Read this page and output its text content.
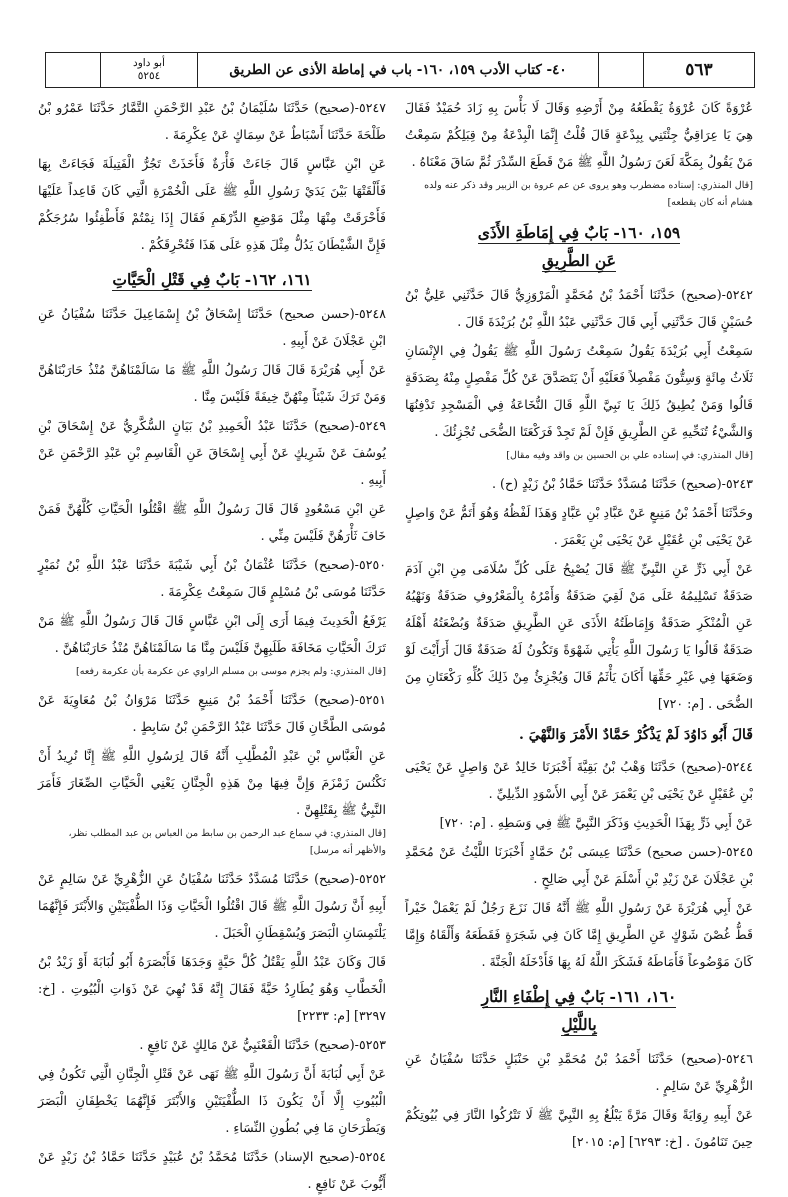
٥٦٣
٤٠- كتاب الأدب ١٥٩، ١٦٠- باب في إماطة الأذى عن الطريق
أبو داود
٥٢٥٤

عُرْوَةً كَانَ عُرْوَةُ يَقْطَعُهُ مِنْ أَرْضِهِ وَقَالَ لَا بَأْسَ بِهِ زَادَ حُمَيْدٌ فَقَالَ هِيَ يَا عِرَاقِيُّ جِئْتَنِي بِبِدْعَةٍ قَالَ قُلْتُ إِنَّمَا الْبِدْعَةُ مِنْ قِبَلِكُمْ سَمِعْتُ مَنْ يَقُولُ بِمَكَّةَ لَعَنَ رَسُولُ اللَّهِ ﷺ مَنْ قَطَعَ السِّدْرَ ثُمَّ سَاقَ مَعْنَاهُ .

[قال المنذري: إسناده مضطرب وهو يروى عن عم عروة بن الزبير وقد ذكر عنه ولده هشام أنه كان يقطعه]

١٥٩، ١٦٠- بَابٌ فِي إِمَاطَةِ الأَذَى
عَنِ الطَّرِيقِ

٥٢٤٢-(صحيح) حَدَّثَنَا أَحْمَدُ بْنُ مُحَمَّدٍ الْمَرْوَزِيُّ قَالَ حَدَّثَنِي عَلِيُّ بْنُ حُسَيْنٍ قَالَ حَدَّثَنِي أَبِي قَالَ حَدَّثَنِي عَبْدُ اللَّهِ بْنُ بُرَيْدَةَ قَالَ .

سَمِعْتُ أَبِي بُرَيْدَةَ يَقُولُ سَمِعْتُ رَسُولَ اللَّهِ ﷺ يَقُولُ فِي الإِنْسَانِ ثَلَاثُ مِائَةٍ وَسِتُّونَ مَفْصِلاً فَعَلَيْهِ أَنْ يَتَصَدَّقَ عَنْ كُلِّ مَفْصِلٍ مِنْهُ بِصَدَقَةٍ قَالُوا وَمَنْ يُطِيقُ ذَلِكَ يَا نَبِيَّ اللَّهِ قَالَ النُّخَاعَةُ فِي الْمَسْجِدِ تَدْفِنُهَا وَالشَّيْءُ تُنَحِّيهِ عَنِ الطَّرِيقِ فَإِنْ لَمْ تَجِدْ فَرَكْعَتَا الضُّحَى تُجْزِئُكَ .

[قال المنذري: في إسناده علي بن الحسين بن واقد وفيه مقال]

٥٢٤٣-(صحيح) حَدَّثَنَا مُسَدَّدٌ حَدَّثَنَا حَمَّادُ بْنُ زَيْدٍ (ح) .

وحَدَّثَنَا أَحْمَدُ بْنُ مَنِيعٍ عَنْ عَبَّادِ بْنِ عَبَّادٍ وَهَذَا لَفْظُهُ وَهُوَ أَتَمُّ عَنْ وَاصِلٍ عَنْ يَحْيَى بْنِ عُقَيْلٍ عَنْ يَحْيَى بْنِ يَعْمَرَ .

عَنْ أَبِي ذَرٍّ عَنِ النَّبِيِّ ﷺ قَالَ يُصْبِحُ عَلَى كُلِّ سُلَامَى مِنِ ابْنِ آدَمَ صَدَقَةٌ تَسْلِيمُهُ عَلَى مَنْ لَقِيَ صَدَقَةٌ وَأَمْرُهُ بِالْمَعْرُوفِ صَدَقَةٌ وَنَهْيُهُ عَنِ الْمُنْكَرِ صَدَقَةٌ وَإِمَاطَتُهُ الأَذَى عَنِ الطَّرِيقِ صَدَقَةٌ وَبُضْعَتُهُ أَهْلَهُ صَدَقَةٌ قَالُوا يَا رَسُولَ اللَّهِ يَأْتِي شَهْوَةً وَتَكُونُ لَهُ صَدَقَةٌ قَالَ أَرَأَيْتَ لَوْ وَضَعَهَا فِي غَيْرِ حَقِّهَا أَكَانَ يَأْثَمُ قَالَ وَيُجْزِئُ مِنْ ذَلِكَ كُلِّهِ رَكْعَتَانِ مِنَ الضُّحَى . [م: ٧٢٠]

قَالَ أَبُو دَاوُدَ لَمْ يَذْكُرْ حَمَّادٌ الأَمْرَ وَالنَّهْيَ .

٥٢٤٤-(صحيح) حَدَّثَنَا وَهْبُ بْنُ بَقِيَّةَ أَخْبَرَنَا خَالِدٌ عَنْ وَاصِلٍ عَنْ يَحْيَى بْنِ عُقَيْلٍ عَنْ يَحْيَى بْنِ يَعْمَرَ عَنْ أَبِي الأَسْوَدِ الدِّيلِيِّ .

عَنْ أَبِي ذَرٍّ بِهَذَا الْحَدِيثِ وَذَكَرَ النَّبِيَّ ﷺ فِي وَسَطِهِ . [م: ٧٢٠]

٥٢٤٥-(حسن صحيح) حَدَّثَنَا عِيسَى بْنُ حَمَّادٍ أَخْبَرَنَا اللَّيْثُ عَنْ مُحَمَّدِ بْنِ عَجْلَانَ عَنْ زَيْدِ بْنِ أَسْلَمَ عَنْ أَبِي صَالِحٍ .

عَنْ أَبِي هُرَيْرَةَ عَنْ رَسُولِ اللَّهِ ﷺ أَنَّهُ قَالَ نَزَعَ رَجُلٌ لَمْ يَعْمَلْ خَيْراً قَطُّ غُصْنَ شَوْكٍ عَنِ الطَّرِيقِ إِمَّا كَانَ فِي شَجَرَةٍ فَقَطَعَهُ وَأَلْقَاهُ وَإِمَّا كَانَ مَوْضُوعاً فَأَمَاطَهُ فَشَكَرَ اللَّهُ لَهُ بِهَا فَأَدْخَلَهُ الْجَنَّةَ .

١٦٠، ١٦١- بَابٌ فِي إِطْفَاءِ النَّارِ
بِاللَّيْلِ

٥٢٤٦-(صحيح) حَدَّثَنَا أَحْمَدُ بْنُ مُحَمَّدِ بْنِ حَنْبَلٍ حَدَّثَنَا سُفْيَانُ عَنِ الزُّهْرِيِّ عَنْ سَالِمٍ .

عَنْ أَبِيهِ رِوَايَةً وَقَالَ مَرَّةً يَبْلُغُ بِهِ النَّبِيَّ ﷺ لَا تَتْرُكُوا النَّارَ فِي بُيُوتِكُمْ حِينَ تَنَامُونَ . [خ: ٦٢٩٣] [م: ٢٠١٥]

٥٢٤٧-(صحيح) حَدَّثَنَا سُلَيْمَانُ بْنُ عَبْدِ الرَّحْمَنِ التَّمَّارُ حَدَّثَنَا عَمْرُو بْنُ طَلْحَةَ حَدَّثَنَا أَسْبَاطٌ عَنْ سِمَاكٍ عَنْ عِكْرِمَةَ .

عَنِ ابْنِ عَبَّاسٍ قَالَ جَاءَتْ فَأْرَةٌ فَأَخَذَتْ تَجُرُّ الْفَتِيلَةَ فَجَاءَتْ بِهَا فَأَلْقَتْهَا بَيْنَ يَدَيْ رَسُولِ اللَّهِ ﷺ عَلَى الْخُمْرَةِ الَّتِي كَانَ قَاعِداً عَلَيْهَا فَأَحْرَقَتْ مِنْهَا مِثْلَ مَوْضِعِ الدِّرْهَمِ فَقَالَ إِذَا نِمْتُمْ فَأَطْفِئُوا سُرُجَكُمْ فَإِنَّ الشَّيْطَانَ يَدُلُّ مِثْلَ هَذِهِ عَلَى هَذَا فَتُحْرِقَكُمْ .

١٦١، ١٦٢- بَابٌ فِي قَتْلِ الْحَيَّاتِ

٥٢٤٨-(حسن صحيح) حَدَّثَنَا إِسْحَاقُ بْنُ إِسْمَاعِيلَ حَدَّثَنَا سُفْيَانُ عَنِ ابْنِ عَجْلَانَ عَنْ أَبِيهِ .

عَنْ أَبِي هُرَيْرَةَ قَالَ قَالَ رَسُولُ اللَّهِ ﷺ مَا سَالَمْنَاهُنَّ مُنْذُ حَارَبْنَاهُنَّ وَمَنْ تَرَكَ شَيْئاً مِنْهُنَّ خِيفَةً فَلَيْسَ مِنَّا .

٥٢٤٩-(صحيح) حَدَّثَنَا عَبْدُ الْحَمِيدِ بْنُ بَيَانٍ السُّكَّرِيُّ عَنْ إِسْحَاقَ بْنِ يُوسُفَ عَنْ شَرِيكٍ عَنْ أَبِي إِسْحَاقَ عَنِ الْقَاسِمِ بْنِ عَبْدِ الرَّحْمَنِ عَنْ أَبِيهِ .

عَنِ ابْنِ مَسْعُودٍ قَالَ قَالَ رَسُولُ اللَّهِ ﷺ اقْتُلُوا الْحَيَّاتِ كُلَّهُنَّ فَمَنْ خَافَ ثَأْرَهُنَّ فَلَيْسَ مِنِّي .

٥٢٥٠-(صحيح) حَدَّثَنَا عُثْمَانُ بْنُ أَبِي شَيْبَةَ حَدَّثَنَا عَبْدُ اللَّهِ بْنُ نُمَيْرٍ حَدَّثَنَا مُوسَى بْنُ مُسْلِمٍ قَالَ سَمِعْتُ عِكْرِمَةَ .

يَرْفَعُ الْحَدِيثَ فِيمَا أَرَى إِلَى ابْنِ عَبَّاسٍ قَالَ قَالَ رَسُولُ اللَّهِ ﷺ مَنْ تَرَكَ الْحَيَّاتِ مَخَافَةَ طَلَبِهِنَّ فَلَيْسَ مِنَّا مَا سَالَمْنَاهُنَّ مُنْذُ حَارَبْنَاهُنَّ .

[قال المنذري: ولم يجزم موسى بن مسلم الراوي عن عكرمة بأن عكرمة رفعه]

٥٢٥١-(صحيح) حَدَّثَنَا أَحْمَدُ بْنُ مَنِيعٍ حَدَّثَنَا مَرْوَانُ بْنُ مُعَاوِيَةَ عَنْ مُوسَى الطَّحَّانِ قَالَ حَدَّثَنَا عَبْدُ الرَّحْمَنِ بْنُ سَابِطٍ .

عَنِ الْعَبَّاسِ بْنِ عَبْدِ الْمُطَّلِبِ أَنَّهُ قَالَ لِرَسُولِ اللَّهِ ﷺ إِنَّا نُرِيدُ أَنْ نَكْنُسَ زَمْزَمَ وَإِنَّ فِيهَا مِنْ هَذِهِ الْجِنَّانِ يَعْنِي الْحَيَّاتِ الصِّغَارَ فَأَمَرَ النَّبِيُّ ﷺ بِقَتْلِهِنَّ .

[قال المنذري: في سماع عبد الرحمن بن سابط من العباس بن عبد المطلب نظر، والأظهر أنه مرسل]

٥٢٥٢-(صحيح) حَدَّثَنَا مُسَدَّدٌ حَدَّثَنَا سُفْيَانُ عَنِ الزُّهْرِيِّ عَنْ سَالِمٍ عَنْ أَبِيهِ أَنَّ رَسُولَ اللَّهِ ﷺ قَالَ اقْتُلُوا الْحَيَّاتِ وَذَا الطُّفْيَتَيْنِ وَالأَبْتَرَ فَإِنَّهُمَا يَلْتَمِسَانِ الْبَصَرَ وَيُسْقِطَانِ الْحَبَلَ .

قَالَ وَكَانَ عَبْدُ اللَّهِ يَقْتُلُ كُلَّ حَيَّةٍ وَجَدَهَا فَأَبْصَرَهُ أَبُو لُبَابَةَ أَوْ زَيْدُ بْنُ الْخَطَّابِ وَهُوَ يُطَارِدُ حَيَّةً فَقَالَ إِنَّهُ قَدْ نُهِيَ عَنْ ذَوَاتِ الْبُيُوتِ . [خ: ٣٢٩٧] [م: ٢٢٣٣]

٥٢٥٣-(صحيح) حَدَّثَنَا الْقَعْنَبِيُّ عَنْ مَالِكٍ عَنْ نَافِعٍ .

عَنْ أَبِي لُبَابَةَ أَنَّ رَسُولَ اللَّهِ ﷺ نَهَى عَنْ قَتْلِ الْجِنَّانِ الَّتِي تَكُونُ فِي الْبُيُوتِ إِلَّا أَنْ يَكُونَ ذَا الطُّفْيَتَيْنِ وَالأَبْتَرَ فَإِنَّهُمَا يَخْطِفَانِ الْبَصَرَ وَيَطْرَحَانِ مَا فِي بُطُونِ النِّسَاءِ .

٥٢٥٤-(صحيح الإسناد) حَدَّثَنَا مُحَمَّدُ بْنُ عُبَيْدٍ حَدَّثَنَا حَمَّادُ بْنُ زَيْدٍ عَنْ أَيُّوبَ عَنْ نَافِعٍ .
